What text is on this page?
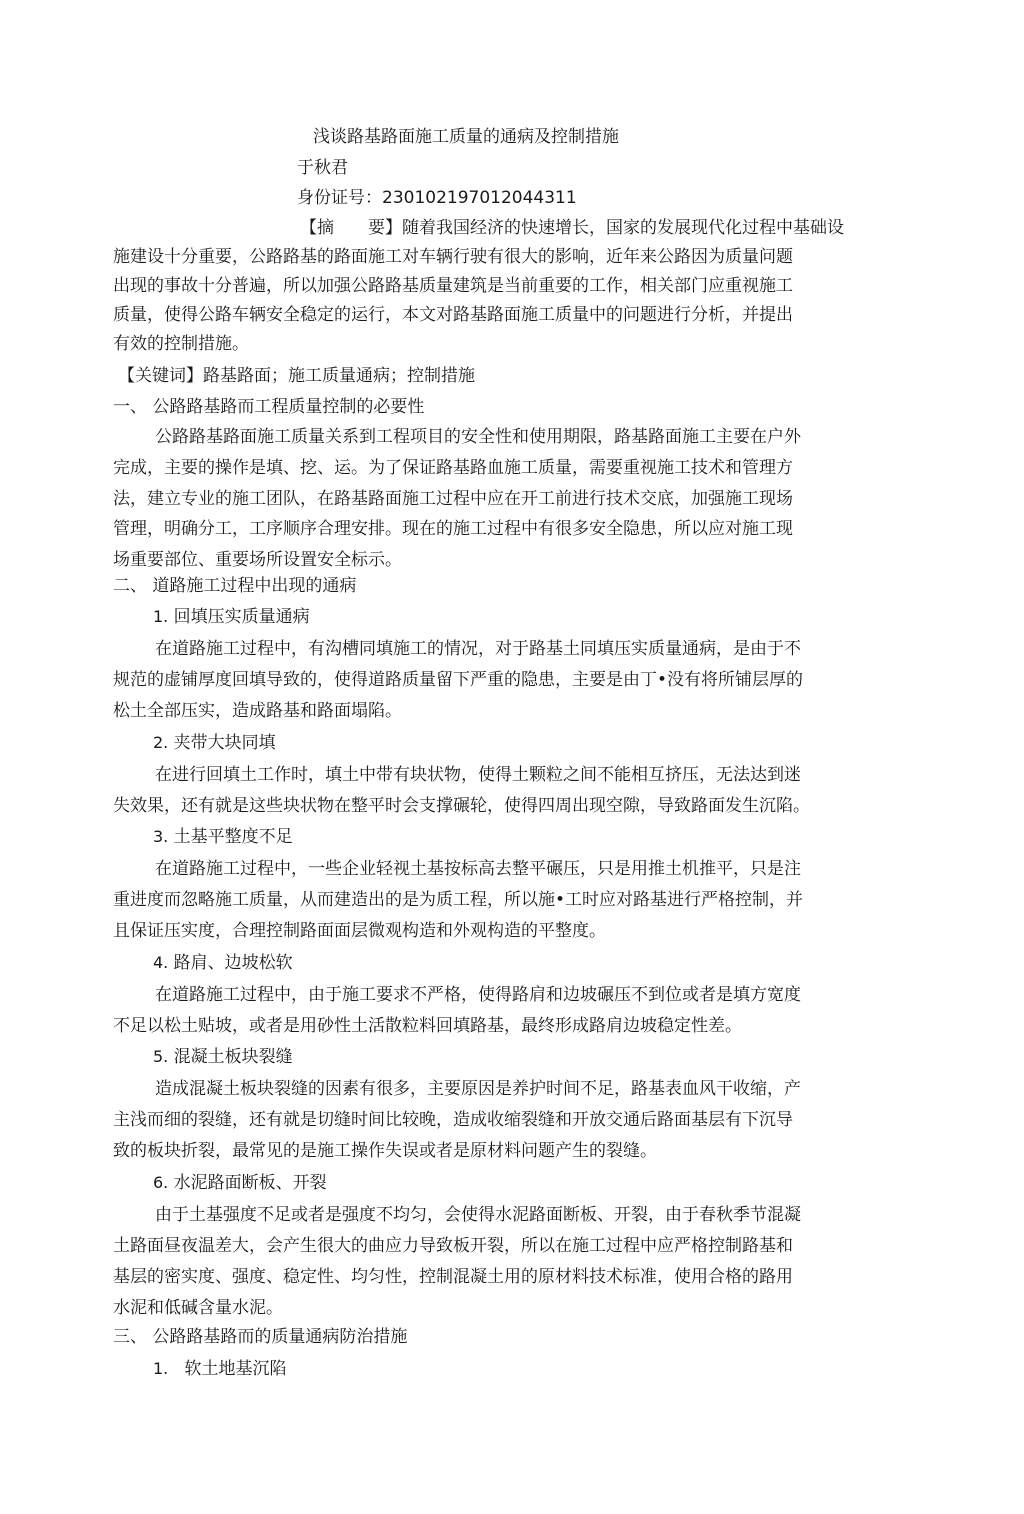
浅谈路基路面施工质量的通病及控制措施
于秋君
身份证号：230102197012044311
【摘　　要】随着我国经济的快速增长，国家的发展现代化过程中基础设
施建设十分重要，公路路基的路面施工对车辆行驶有很大的影响，近年来公路因为质量问题
出现的事故十分普遍，所以加强公路路基质量建筑是当前重要的工作，相关部门应重视施工
质量，使得公路车辆安全稳定的运行，本文对路基路面施工质量中的问题进行分析，并提出
有效的控制措施。
【关键词】路基路面；施工质量通病；控制措施
一、 公路路基路而工程质量控制的必要性
公路路基路面施工质量关系到工程项目的安全性和使用期限，路基路面施工主要在户外
完成，主要的操作是填、挖、运。为了保证路基路血施工质量，需要重视施工技术和管理方
法，建立专业的施工团队，在路基路面施工过程中应在开工前进行技术交底，加强施工现场
管理，明确分工，工序顺序合理安排。现在的施工过程中有很多安全隐患，所以应对施工现
场重要部位、重要场所设置安全标示。
二、 道路施工过程中出现的通病
1. 回填压实质量通病
在道路施工过程中，有沟槽同填施工的情况，对于路基土同填压实质量通病，是由于不
规范的虚铺厚度回填导致的，使得道路质量留下严重的隐患，主要是由丁•没有将所铺层厚的
松土全部压实，造成路基和路面塌陷。
2. 夹带大块同填
在进行回填土工作时，填土中带有块状物，使得土颗粒之间不能相互挤压，无法达到迷
失效果，还有就是这些块状物在整平时会支撑碾轮，使得四周出现空隙，导致路面发生沉陷。
3. 土基平整度不足
在道路施工过程中，一些企业轻视土基按标高去整平碾压，只是用推土机推平，只是注
重进度而忽略施工质量，从而建造出的是为质工程，所以施•工时应对路基进行严格控制，并
且保证压实度，合理控制路面面层微观构造和外观构造的平整度。
4. 路肩、边坡松软
在道路施工过程中，由于施工要求不严格，使得路肩和边坡碾压不到位或者是填方宽度
不足以松土贴坡，或者是用砂性土活散粒料回填路基，最终形成路肩边坡稳定性差。
5. 混凝土板块裂缝
造成混凝土板块裂缝的因素有很多，主要原因是养护时间不足，路基表血风干收缩，产
主浅而细的裂缝，还有就是切缝时间比较晚，造成收缩裂缝和开放交通后路面基层有下沉导
致的板块折裂，最常见的是施工操作失误或者是原材料问题产生的裂缝。
6. 水泥路面断板、开裂
由于土基强度不足或者是强度不均匀，会使得水泥路面断板、开裂，由于春秋季节混凝
土路面昼夜温差大，会产生很大的曲应力导致板开裂，所以在施工过程中应严格控制路基和
基层的密实度、强度、稳定性、均匀性，控制混凝土用的原材料技术标准，使用合格的路用
水泥和低碱含量水泥。
三、 公路路基路而的质量通病防治措施
1. 软土地基沉陷
